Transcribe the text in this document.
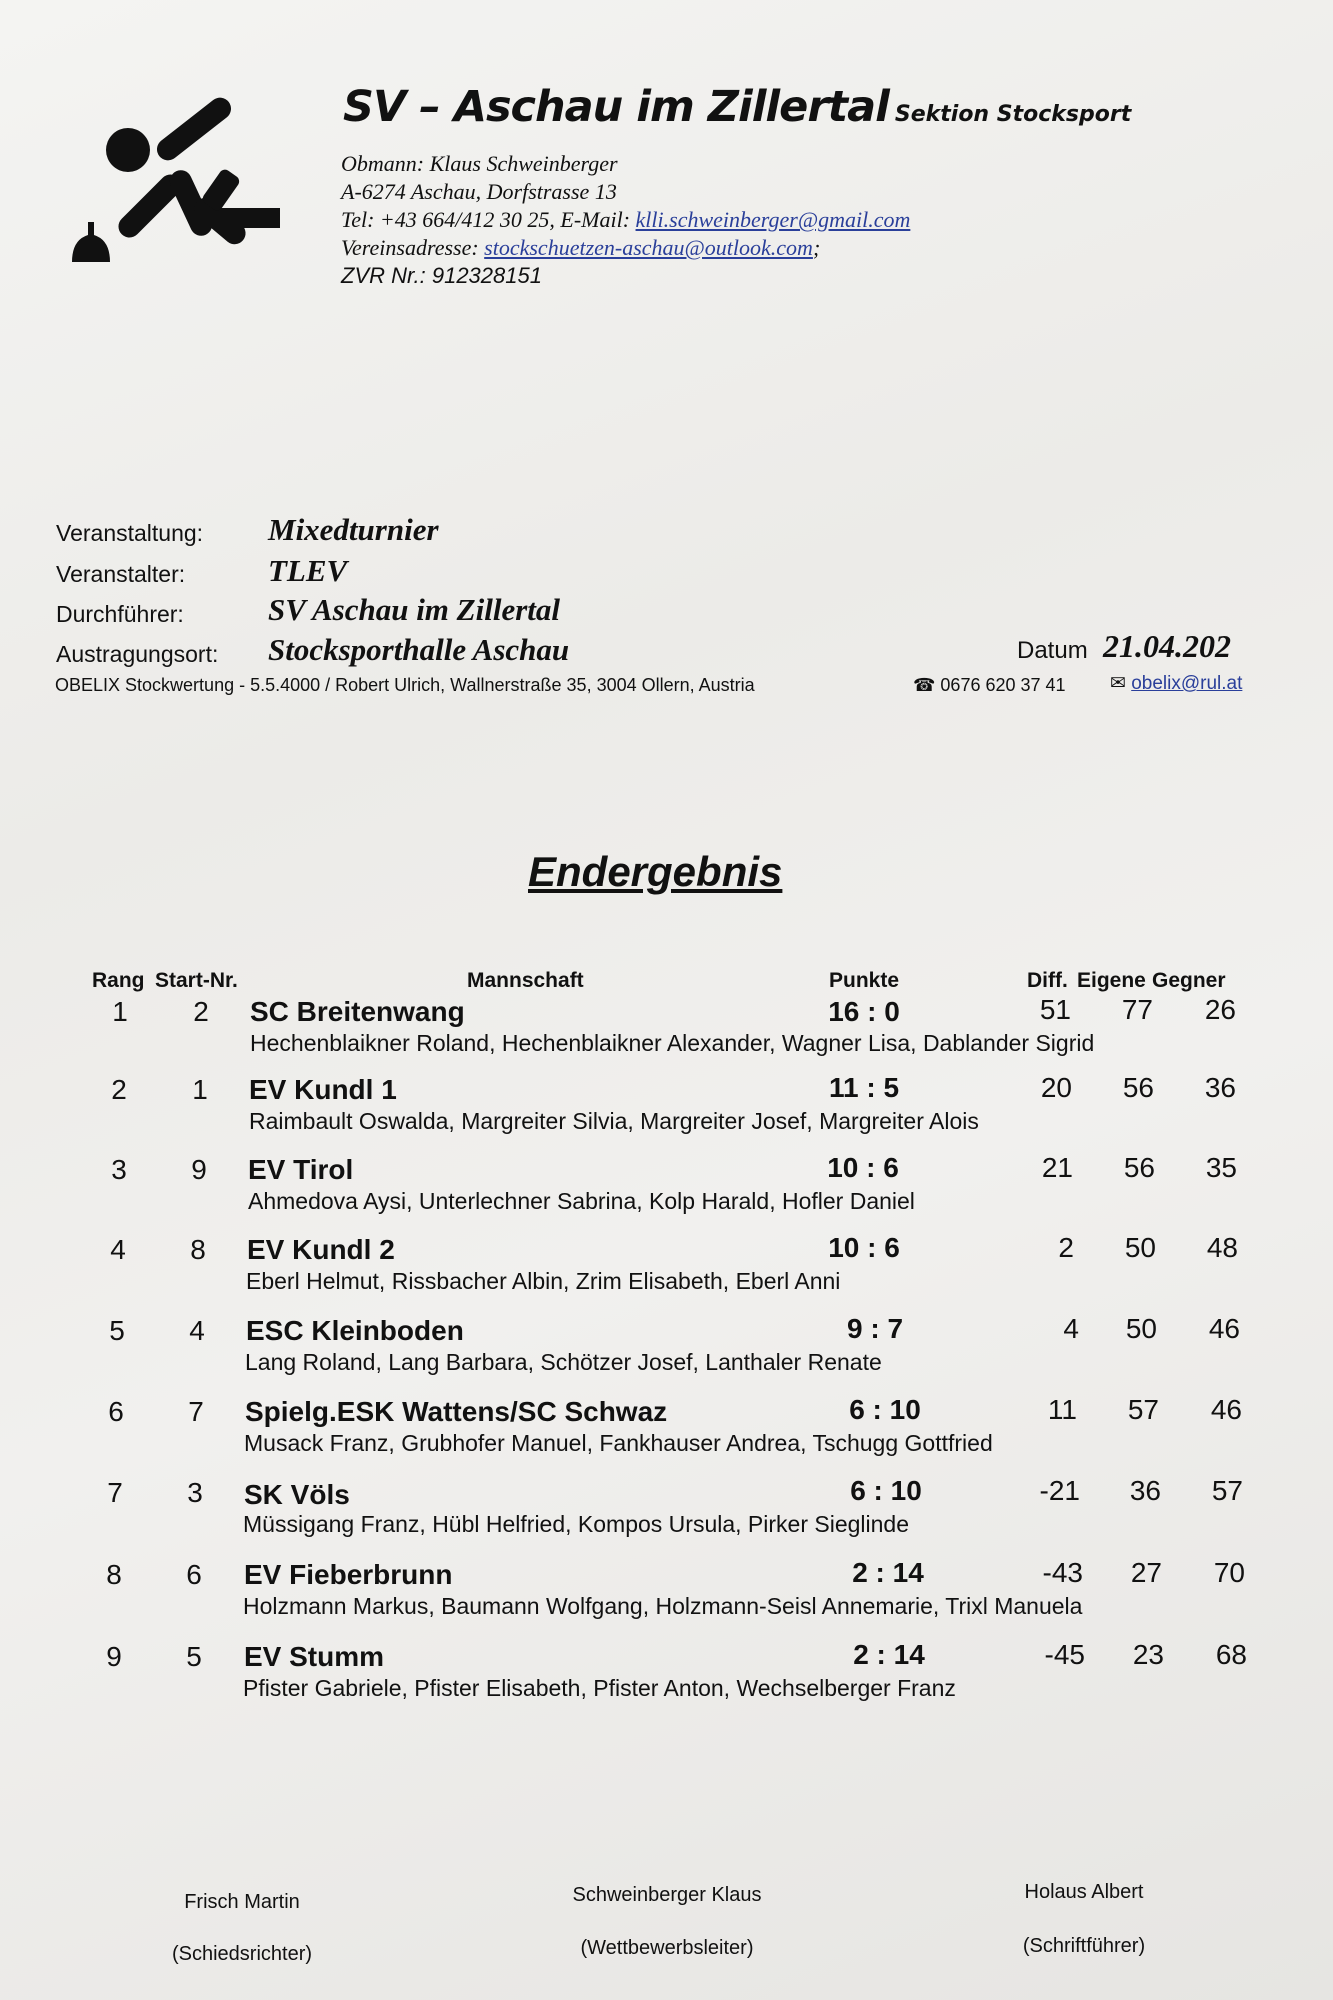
SV – Aschau im Zillertal Sektion Stocksport
Obmann: Klaus Schweinberger
A-6274 Aschau, Dorfstrasse 13
Tel: +43 664/412 30 25, E-Mail: klli.schweinberger@gmail.com
Vereinsadresse: stockschuetzen-aschau@outlook.com;
ZVR Nr.: 912328151
Veranstaltung: Mixedturnier
Veranstalter:	TLEV
Durchführer:	SV Aschau im Zillertal
Austragungsort: Stocksporthalle Aschau	Datum 21.04.202
OBELIX Stockwertung - 5.5.4000 / Robert Ulrich, Wallnerstraße 35, 3004 Ollern, Austria	☎ 0676 620 37 41 ✉ obelix@rul.at
Endergebnis
Rang Start-Nr.	Mannschaft	Punkte	Diff. Eigene Gegner
1	2	SC Breitenwang	16 : 0	51	77	26
Hechenblaikner Roland, Hechenblaikner Alexander, Wagner Lisa, Dablander Sigrid
2	1	EV Kundl 1	11 : 5	20	56	36
Raimbault Oswalda, Margreiter Silvia, Margreiter Josef, Margreiter Alois
3	9	EV Tirol	10 : 6	21	56	35
Ahmedova Aysi, Unterlechner Sabrina, Kolp Harald, Hofler Daniel
4	8	EV Kundl 2	10 : 6	2	50	48
Eberl Helmut, Rissbacher Albin, Zrim Elisabeth, Eberl Anni
5	4	ESC Kleinboden	9 : 7	4	50	46
Lang Roland, Lang Barbara, Schötzer Josef, Lanthaler Renate
6	7	Spielg.ESK Wattens/SC Schwaz	6 : 10	11	57	46
Musack Franz, Grubhofer Manuel, Fankhauser Andrea, Tschugg Gottfried
7	3	SK Völs	6 : 10	-21	36	57
Müssigang Franz, Hübl Helfried, Kompos Ursula, Pirker Sieglinde
8	6	EV Fieberbrunn	2 : 14	-43	27	70
Holzmann Markus, Baumann Wolfgang, Holzmann-Seisl Annemarie, Trixl Manuela
9	5	EV Stumm	2 : 14	-45	23	68
Pfister Gabriele, Pfister Elisabeth, Pfister Anton, Wechselberger Franz
Frisch Martin
(Schiedsrichter)
Schweinberger Klaus
(Wettbewerbsleiter)
Holaus Albert
(Schriftführer)
